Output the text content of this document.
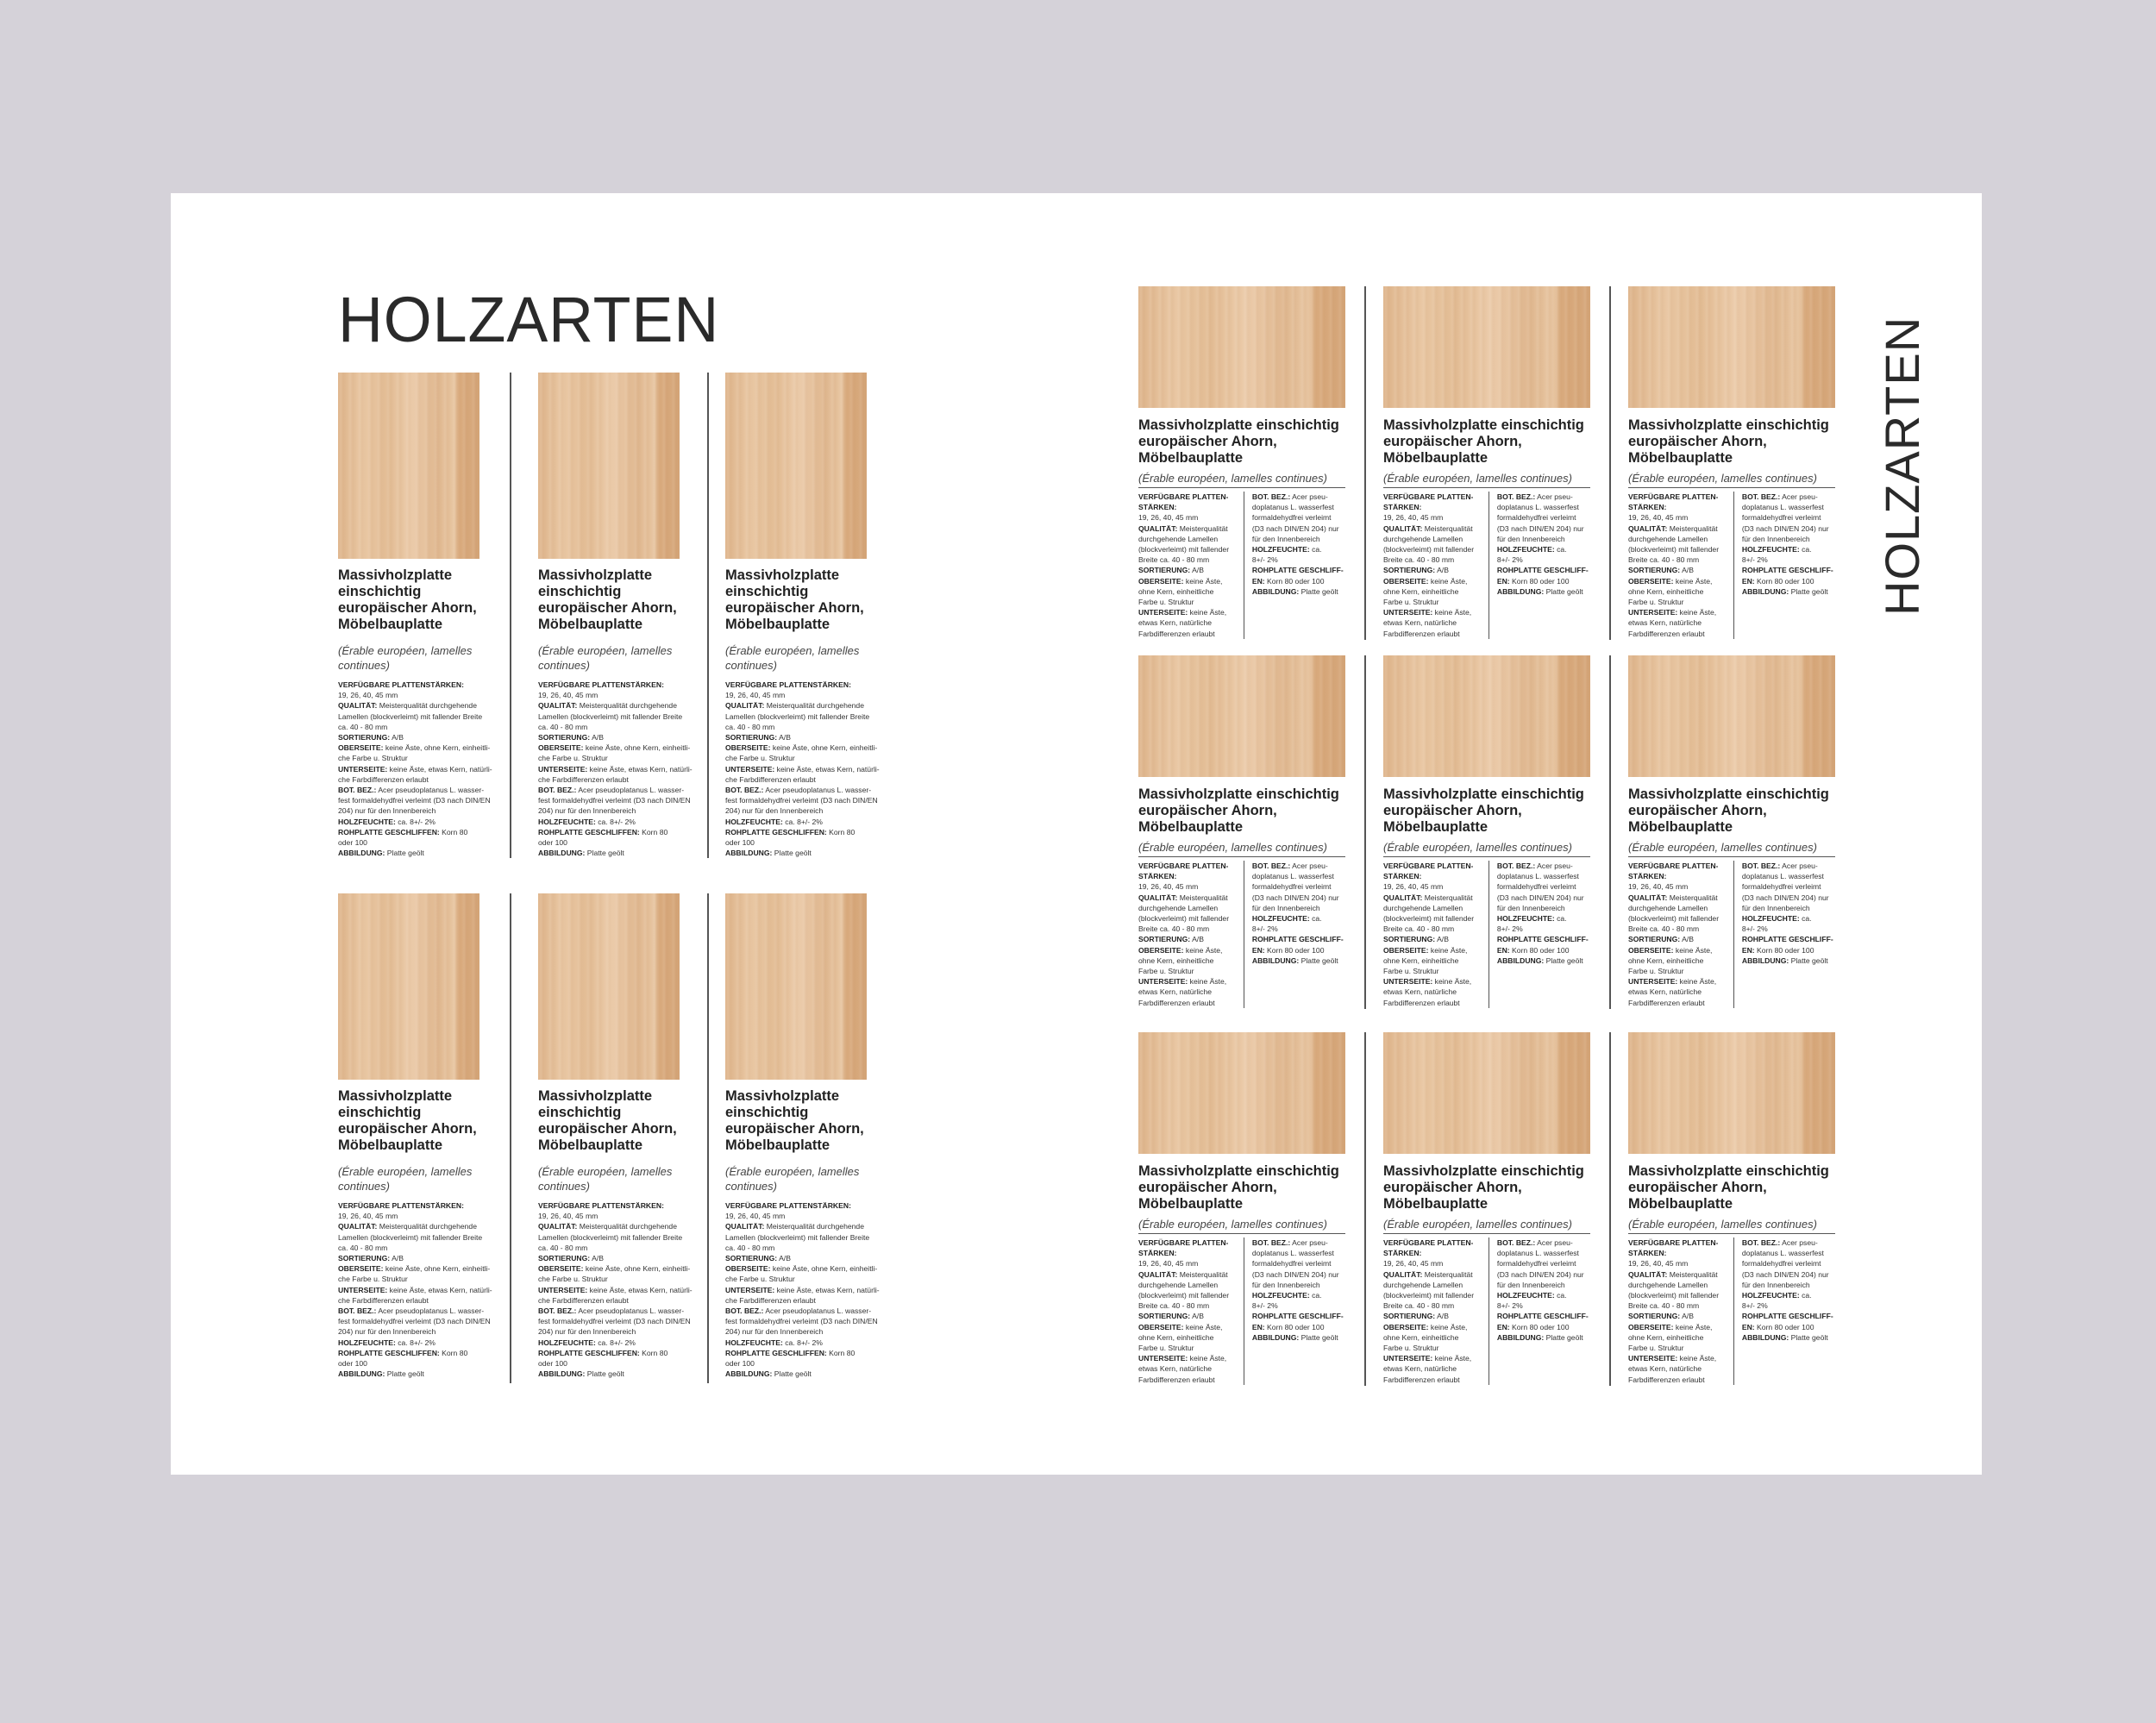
HOLZARTEN	HOLZARTEN
Massivholzplatte
einschichtig
europäischer Ahorn,
Möbelbauplatte
(Érable européen, lamelles
continues)
VERFÜGBARE PLATTENSTÄRKEN:
19, 26, 40, 45 mm
QUALITÄT: Meisterqualität durchgehende
Lamellen (blockverleimt) mit fallender Breite
ca. 40 - 80 mm
SORTIERUNG: A/B
OBERSEITE: keine Äste, ohne Kern, einheitli-
che Farbe u. Struktur
UNTERSEITE: keine Äste, etwas Kern, natürli-
che Farbdifferenzen erlaubt
BOT. BEZ.: Acer pseudoplatanus L. wasser-
fest formaldehydfrei verleimt (D3 nach DIN/EN
204) nur für den Innenbereich
HOLZFEUCHTE: ca. 8+/- 2%
ROHPLATTE GESCHLIFFEN: Korn 80
oder 100
ABBILDUNG: Platte geölt
Massivholzplatte
einschichtig
europäischer Ahorn,
Möbelbauplatte
(Érable européen, lamelles
continues)
VERFÜGBARE PLATTENSTÄRKEN:
19, 26, 40, 45 mm
QUALITÄT: Meisterqualität durchgehende
Lamellen (blockverleimt) mit fallender Breite
ca. 40 - 80 mm
SORTIERUNG: A/B
OBERSEITE: keine Äste, ohne Kern, einheitli-
che Farbe u. Struktur
UNTERSEITE: keine Äste, etwas Kern, natürli-
che Farbdifferenzen erlaubt
BOT. BEZ.: Acer pseudoplatanus L. wasser-
fest formaldehydfrei verleimt (D3 nach DIN/EN
204) nur für den Innenbereich
HOLZFEUCHTE: ca. 8+/- 2%
ROHPLATTE GESCHLIFFEN: Korn 80
oder 100
ABBILDUNG: Platte geölt
Massivholzplatte
einschichtig
europäischer Ahorn,
Möbelbauplatte
(Érable européen, lamelles
continues)
VERFÜGBARE PLATTENSTÄRKEN:
19, 26, 40, 45 mm
QUALITÄT: Meisterqualität durchgehende
Lamellen (blockverleimt) mit fallender Breite
ca. 40 - 80 mm
SORTIERUNG: A/B
OBERSEITE: keine Äste, ohne Kern, einheitli-
che Farbe u. Struktur
UNTERSEITE: keine Äste, etwas Kern, natürli-
che Farbdifferenzen erlaubt
BOT. BEZ.: Acer pseudoplatanus L. wasser-
fest formaldehydfrei verleimt (D3 nach DIN/EN
204) nur für den Innenbereich
HOLZFEUCHTE: ca. 8+/- 2%
ROHPLATTE GESCHLIFFEN: Korn 80
oder 100
ABBILDUNG: Platte geölt
Massivholzplatte
einschichtig
europäischer Ahorn,
Möbelbauplatte
(Érable européen, lamelles
continues)
VERFÜGBARE PLATTENSTÄRKEN:
19, 26, 40, 45 mm
QUALITÄT: Meisterqualität durchgehende
Lamellen (blockverleimt) mit fallender Breite
ca. 40 - 80 mm
SORTIERUNG: A/B
OBERSEITE: keine Äste, ohne Kern, einheitli-
che Farbe u. Struktur
UNTERSEITE: keine Äste, etwas Kern, natürli-
che Farbdifferenzen erlaubt
BOT. BEZ.: Acer pseudoplatanus L. wasser-
fest formaldehydfrei verleimt (D3 nach DIN/EN
204) nur für den Innenbereich
HOLZFEUCHTE: ca. 8+/- 2%
ROHPLATTE GESCHLIFFEN: Korn 80
oder 100
ABBILDUNG: Platte geölt
Massivholzplatte
einschichtig
europäischer Ahorn,
Möbelbauplatte
(Érable européen, lamelles
continues)
VERFÜGBARE PLATTENSTÄRKEN:
19, 26, 40, 45 mm
QUALITÄT: Meisterqualität durchgehende
Lamellen (blockverleimt) mit fallender Breite
ca. 40 - 80 mm
SORTIERUNG: A/B
OBERSEITE: keine Äste, ohne Kern, einheitli-
che Farbe u. Struktur
UNTERSEITE: keine Äste, etwas Kern, natürli-
che Farbdifferenzen erlaubt
BOT. BEZ.: Acer pseudoplatanus L. wasser-
fest formaldehydfrei verleimt (D3 nach DIN/EN
204) nur für den Innenbereich
HOLZFEUCHTE: ca. 8+/- 2%
ROHPLATTE GESCHLIFFEN: Korn 80
oder 100
ABBILDUNG: Platte geölt
Massivholzplatte
einschichtig
europäischer Ahorn,
Möbelbauplatte
(Érable européen, lamelles
continues)
VERFÜGBARE PLATTENSTÄRKEN:
19, 26, 40, 45 mm
QUALITÄT: Meisterqualität durchgehende
Lamellen (blockverleimt) mit fallender Breite
ca. 40 - 80 mm
SORTIERUNG: A/B
OBERSEITE: keine Äste, ohne Kern, einheitli-
che Farbe u. Struktur
UNTERSEITE: keine Äste, etwas Kern, natürli-
che Farbdifferenzen erlaubt
BOT. BEZ.: Acer pseudoplatanus L. wasser-
fest formaldehydfrei verleimt (D3 nach DIN/EN
204) nur für den Innenbereich
HOLZFEUCHTE: ca. 8+/- 2%
ROHPLATTE GESCHLIFFEN: Korn 80
oder 100
ABBILDUNG: Platte geölt
Massivholzplatte einschichtig
europäischer Ahorn,
Möbelbauplatte
(Érable européen, lamelles continues)
VERFÜGBARE PLATTEN-
STÄRKEN:
19, 26, 40, 45 mm
QUALITÄT: Meisterqualität
durchgehende Lamellen
(blockverleimt) mit fallender
Breite ca. 40 - 80 mm
SORTIERUNG: A/B
OBERSEITE: keine Äste,
ohne Kern, einheitliche
Farbe u. Struktur
UNTERSEITE: keine Äste,
etwas Kern, natürliche
Farbdifferenzen erlaubt
BOT. BEZ.: Acer pseu-
doplatanus L. wasserfest
formaldehydfrei verleimt
(D3 nach DIN/EN 204) nur
für den Innenbereich
HOLZFEUCHTE: ca.
8+/- 2%
ROHPLATTE GESCHLIFF-
EN: Korn 80 oder 100
ABBILDUNG: Platte geölt
Massivholzplatte einschichtig
europäischer Ahorn,
Möbelbauplatte
(Érable européen, lamelles continues)
VERFÜGBARE PLATTEN-
STÄRKEN:
19, 26, 40, 45 mm
QUALITÄT: Meisterqualität
durchgehende Lamellen
(blockverleimt) mit fallender
Breite ca. 40 - 80 mm
SORTIERUNG: A/B
OBERSEITE: keine Äste,
ohne Kern, einheitliche
Farbe u. Struktur
UNTERSEITE: keine Äste,
etwas Kern, natürliche
Farbdifferenzen erlaubt
BOT. BEZ.: Acer pseu-
doplatanus L. wasserfest
formaldehydfrei verleimt
(D3 nach DIN/EN 204) nur
für den Innenbereich
HOLZFEUCHTE: ca.
8+/- 2%
ROHPLATTE GESCHLIFF-
EN: Korn 80 oder 100
ABBILDUNG: Platte geölt
Massivholzplatte einschichtig
europäischer Ahorn,
Möbelbauplatte
(Érable européen, lamelles continues)
VERFÜGBARE PLATTEN-
STÄRKEN:
19, 26, 40, 45 mm
QUALITÄT: Meisterqualität
durchgehende Lamellen
(blockverleimt) mit fallender
Breite ca. 40 - 80 mm
SORTIERUNG: A/B
OBERSEITE: keine Äste,
ohne Kern, einheitliche
Farbe u. Struktur
UNTERSEITE: keine Äste,
etwas Kern, natürliche
Farbdifferenzen erlaubt
BOT. BEZ.: Acer pseu-
doplatanus L. wasserfest
formaldehydfrei verleimt
(D3 nach DIN/EN 204) nur
für den Innenbereich
HOLZFEUCHTE: ca.
8+/- 2%
ROHPLATTE GESCHLIFF-
EN: Korn 80 oder 100
ABBILDUNG: Platte geölt
Massivholzplatte einschichtig
europäischer Ahorn,
Möbelbauplatte
(Érable européen, lamelles continues)
VERFÜGBARE PLATTEN-
STÄRKEN:
19, 26, 40, 45 mm
QUALITÄT: Meisterqualität
durchgehende Lamellen
(blockverleimt) mit fallender
Breite ca. 40 - 80 mm
SORTIERUNG: A/B
OBERSEITE: keine Äste,
ohne Kern, einheitliche
Farbe u. Struktur
UNTERSEITE: keine Äste,
etwas Kern, natürliche
Farbdifferenzen erlaubt
BOT. BEZ.: Acer pseu-
doplatanus L. wasserfest
formaldehydfrei verleimt
(D3 nach DIN/EN 204) nur
für den Innenbereich
HOLZFEUCHTE: ca.
8+/- 2%
ROHPLATTE GESCHLIFF-
EN: Korn 80 oder 100
ABBILDUNG: Platte geölt
Massivholzplatte einschichtig
europäischer Ahorn,
Möbelbauplatte
(Érable européen, lamelles continues)
VERFÜGBARE PLATTEN-
STÄRKEN:
19, 26, 40, 45 mm
QUALITÄT: Meisterqualität
durchgehende Lamellen
(blockverleimt) mit fallender
Breite ca. 40 - 80 mm
SORTIERUNG: A/B
OBERSEITE: keine Äste,
ohne Kern, einheitliche
Farbe u. Struktur
UNTERSEITE: keine Äste,
etwas Kern, natürliche
Farbdifferenzen erlaubt
BOT. BEZ.: Acer pseu-
doplatanus L. wasserfest
formaldehydfrei verleimt
(D3 nach DIN/EN 204) nur
für den Innenbereich
HOLZFEUCHTE: ca.
8+/- 2%
ROHPLATTE GESCHLIFF-
EN: Korn 80 oder 100
ABBILDUNG: Platte geölt
Massivholzplatte einschichtig
europäischer Ahorn,
Möbelbauplatte
(Érable européen, lamelles continues)
VERFÜGBARE PLATTEN-
STÄRKEN:
19, 26, 40, 45 mm
QUALITÄT: Meisterqualität
durchgehende Lamellen
(blockverleimt) mit fallender
Breite ca. 40 - 80 mm
SORTIERUNG: A/B
OBERSEITE: keine Äste,
ohne Kern, einheitliche
Farbe u. Struktur
UNTERSEITE: keine Äste,
etwas Kern, natürliche
Farbdifferenzen erlaubt
BOT. BEZ.: Acer pseu-
doplatanus L. wasserfest
formaldehydfrei verleimt
(D3 nach DIN/EN 204) nur
für den Innenbereich
HOLZFEUCHTE: ca.
8+/- 2%
ROHPLATTE GESCHLIFF-
EN: Korn 80 oder 100
ABBILDUNG: Platte geölt
Massivholzplatte einschichtig
europäischer Ahorn,
Möbelbauplatte
(Érable européen, lamelles continues)
VERFÜGBARE PLATTEN-
STÄRKEN:
19, 26, 40, 45 mm
QUALITÄT: Meisterqualität
durchgehende Lamellen
(blockverleimt) mit fallender
Breite ca. 40 - 80 mm
SORTIERUNG: A/B
OBERSEITE: keine Äste,
ohne Kern, einheitliche
Farbe u. Struktur
UNTERSEITE: keine Äste,
etwas Kern, natürliche
Farbdifferenzen erlaubt
BOT. BEZ.: Acer pseu-
doplatanus L. wasserfest
formaldehydfrei verleimt
(D3 nach DIN/EN 204) nur
für den Innenbereich
HOLZFEUCHTE: ca.
8+/- 2%
ROHPLATTE GESCHLIFF-
EN: Korn 80 oder 100
ABBILDUNG: Platte geölt
Massivholzplatte einschichtig
europäischer Ahorn,
Möbelbauplatte
(Érable européen, lamelles continues)
VERFÜGBARE PLATTEN-
STÄRKEN:
19, 26, 40, 45 mm
QUALITÄT: Meisterqualität
durchgehende Lamellen
(blockverleimt) mit fallender
Breite ca. 40 - 80 mm
SORTIERUNG: A/B
OBERSEITE: keine Äste,
ohne Kern, einheitliche
Farbe u. Struktur
UNTERSEITE: keine Äste,
etwas Kern, natürliche
Farbdifferenzen erlaubt
BOT. BEZ.: Acer pseu-
doplatanus L. wasserfest
formaldehydfrei verleimt
(D3 nach DIN/EN 204) nur
für den Innenbereich
HOLZFEUCHTE: ca.
8+/- 2%
ROHPLATTE GESCHLIFF-
EN: Korn 80 oder 100
ABBILDUNG: Platte geölt
Massivholzplatte einschichtig
europäischer Ahorn,
Möbelbauplatte
(Érable européen, lamelles continues)
VERFÜGBARE PLATTEN-
STÄRKEN:
19, 26, 40, 45 mm
QUALITÄT: Meisterqualität
durchgehende Lamellen
(blockverleimt) mit fallender
Breite ca. 40 - 80 mm
SORTIERUNG: A/B
OBERSEITE: keine Äste,
ohne Kern, einheitliche
Farbe u. Struktur
UNTERSEITE: keine Äste,
etwas Kern, natürliche
Farbdifferenzen erlaubt
BOT. BEZ.: Acer pseu-
doplatanus L. wasserfest
formaldehydfrei verleimt
(D3 nach DIN/EN 204) nur
für den Innenbereich
HOLZFEUCHTE: ca.
8+/- 2%
ROHPLATTE GESCHLIFF-
EN: Korn 80 oder 100
ABBILDUNG: Platte geölt
